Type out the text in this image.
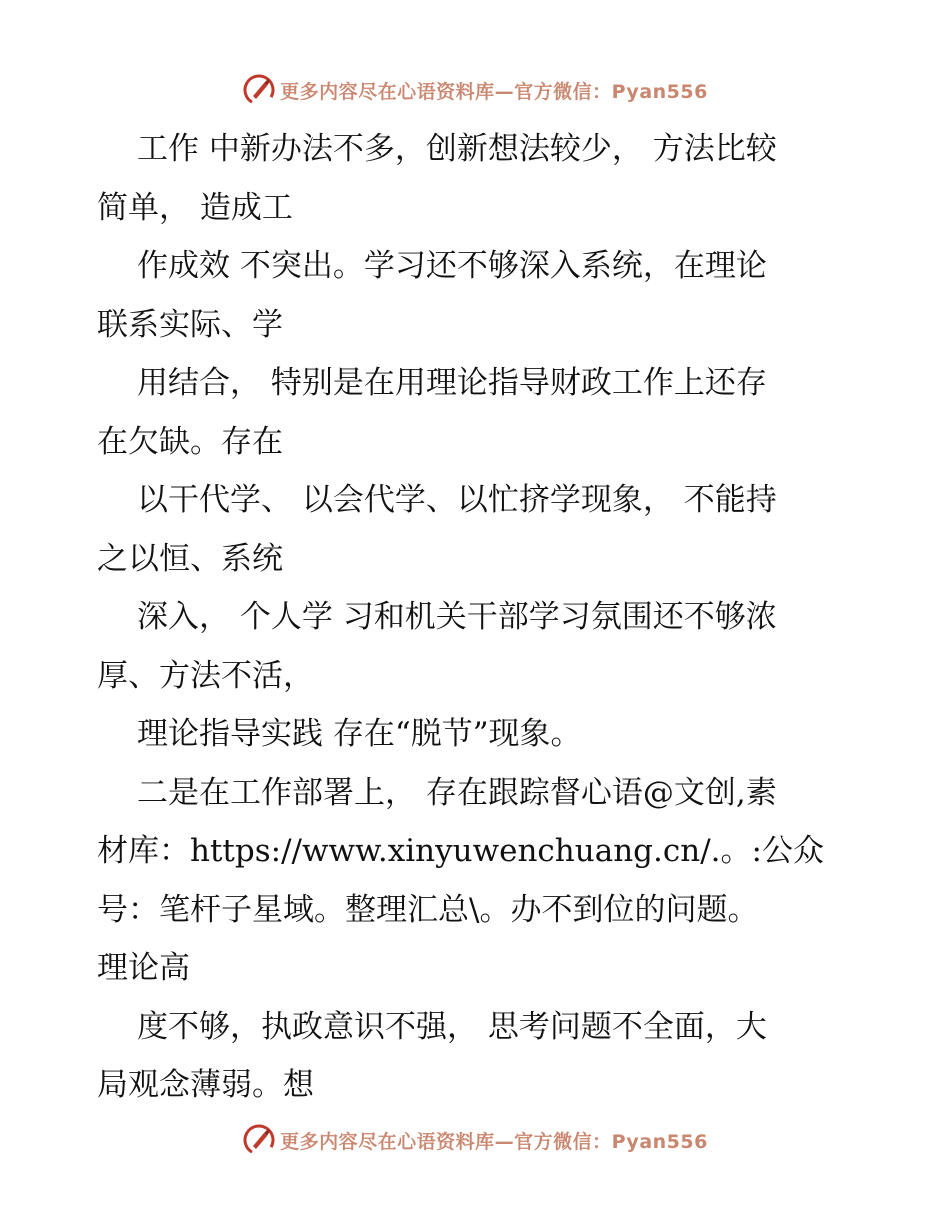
更多内容尽在心语资料库—官方微信：Pyan556
工作 中新办法不多，创新想法较少， 方法比较
简单， 造成工
作成效 不突出。学习还不够深入系统，在理论
联系实际、学
用结合， 特别是在用理论指导财政工作上还存
在欠缺。存在
以干代学、 以会代学、以忙挤学现象， 不能持
之以恒、系统
深入， 个人学 习和机关干部学习氛围还不够浓
厚、方法不活，
理论指导实践 存在“脱节”现象。
二是在工作部署上， 存在跟踪督心语@文创,素
材库：https://www.xinyuwenchuang.cn/.。:公众
号：笔杆子星域。整理汇总\。办不到位的问题。
理论高
度不够，执政意识不强， 思考问题不全面，大
局观念薄弱。想
更多内容尽在心语资料库—官方微信：Pyan556
